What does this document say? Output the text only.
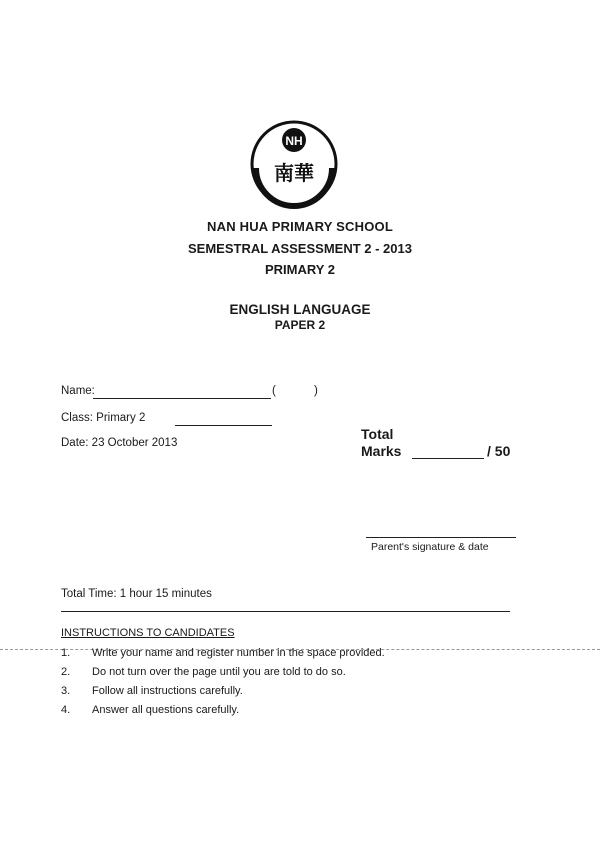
NH
南華
NAN HUA PRIMARY SCHOOL
SEMESTRAL ASSESSMENT 2 - 2013
PRIMARY 2
ENGLISH LANGUAGE
PAPER 2
Name:	(	)
Class: Primary 2
Date: 23 October 2013
Total
Marks	/ 50
Parent's signature & date
Total Time: 1 hour 15 minutes
INSTRUCTIONS TO CANDIDATES
1. Write your name and register number in the space provided.
2. Do not turn over the page until you are told to do so.
3. Follow all instructions carefully.
4. Answer all questions carefully.
